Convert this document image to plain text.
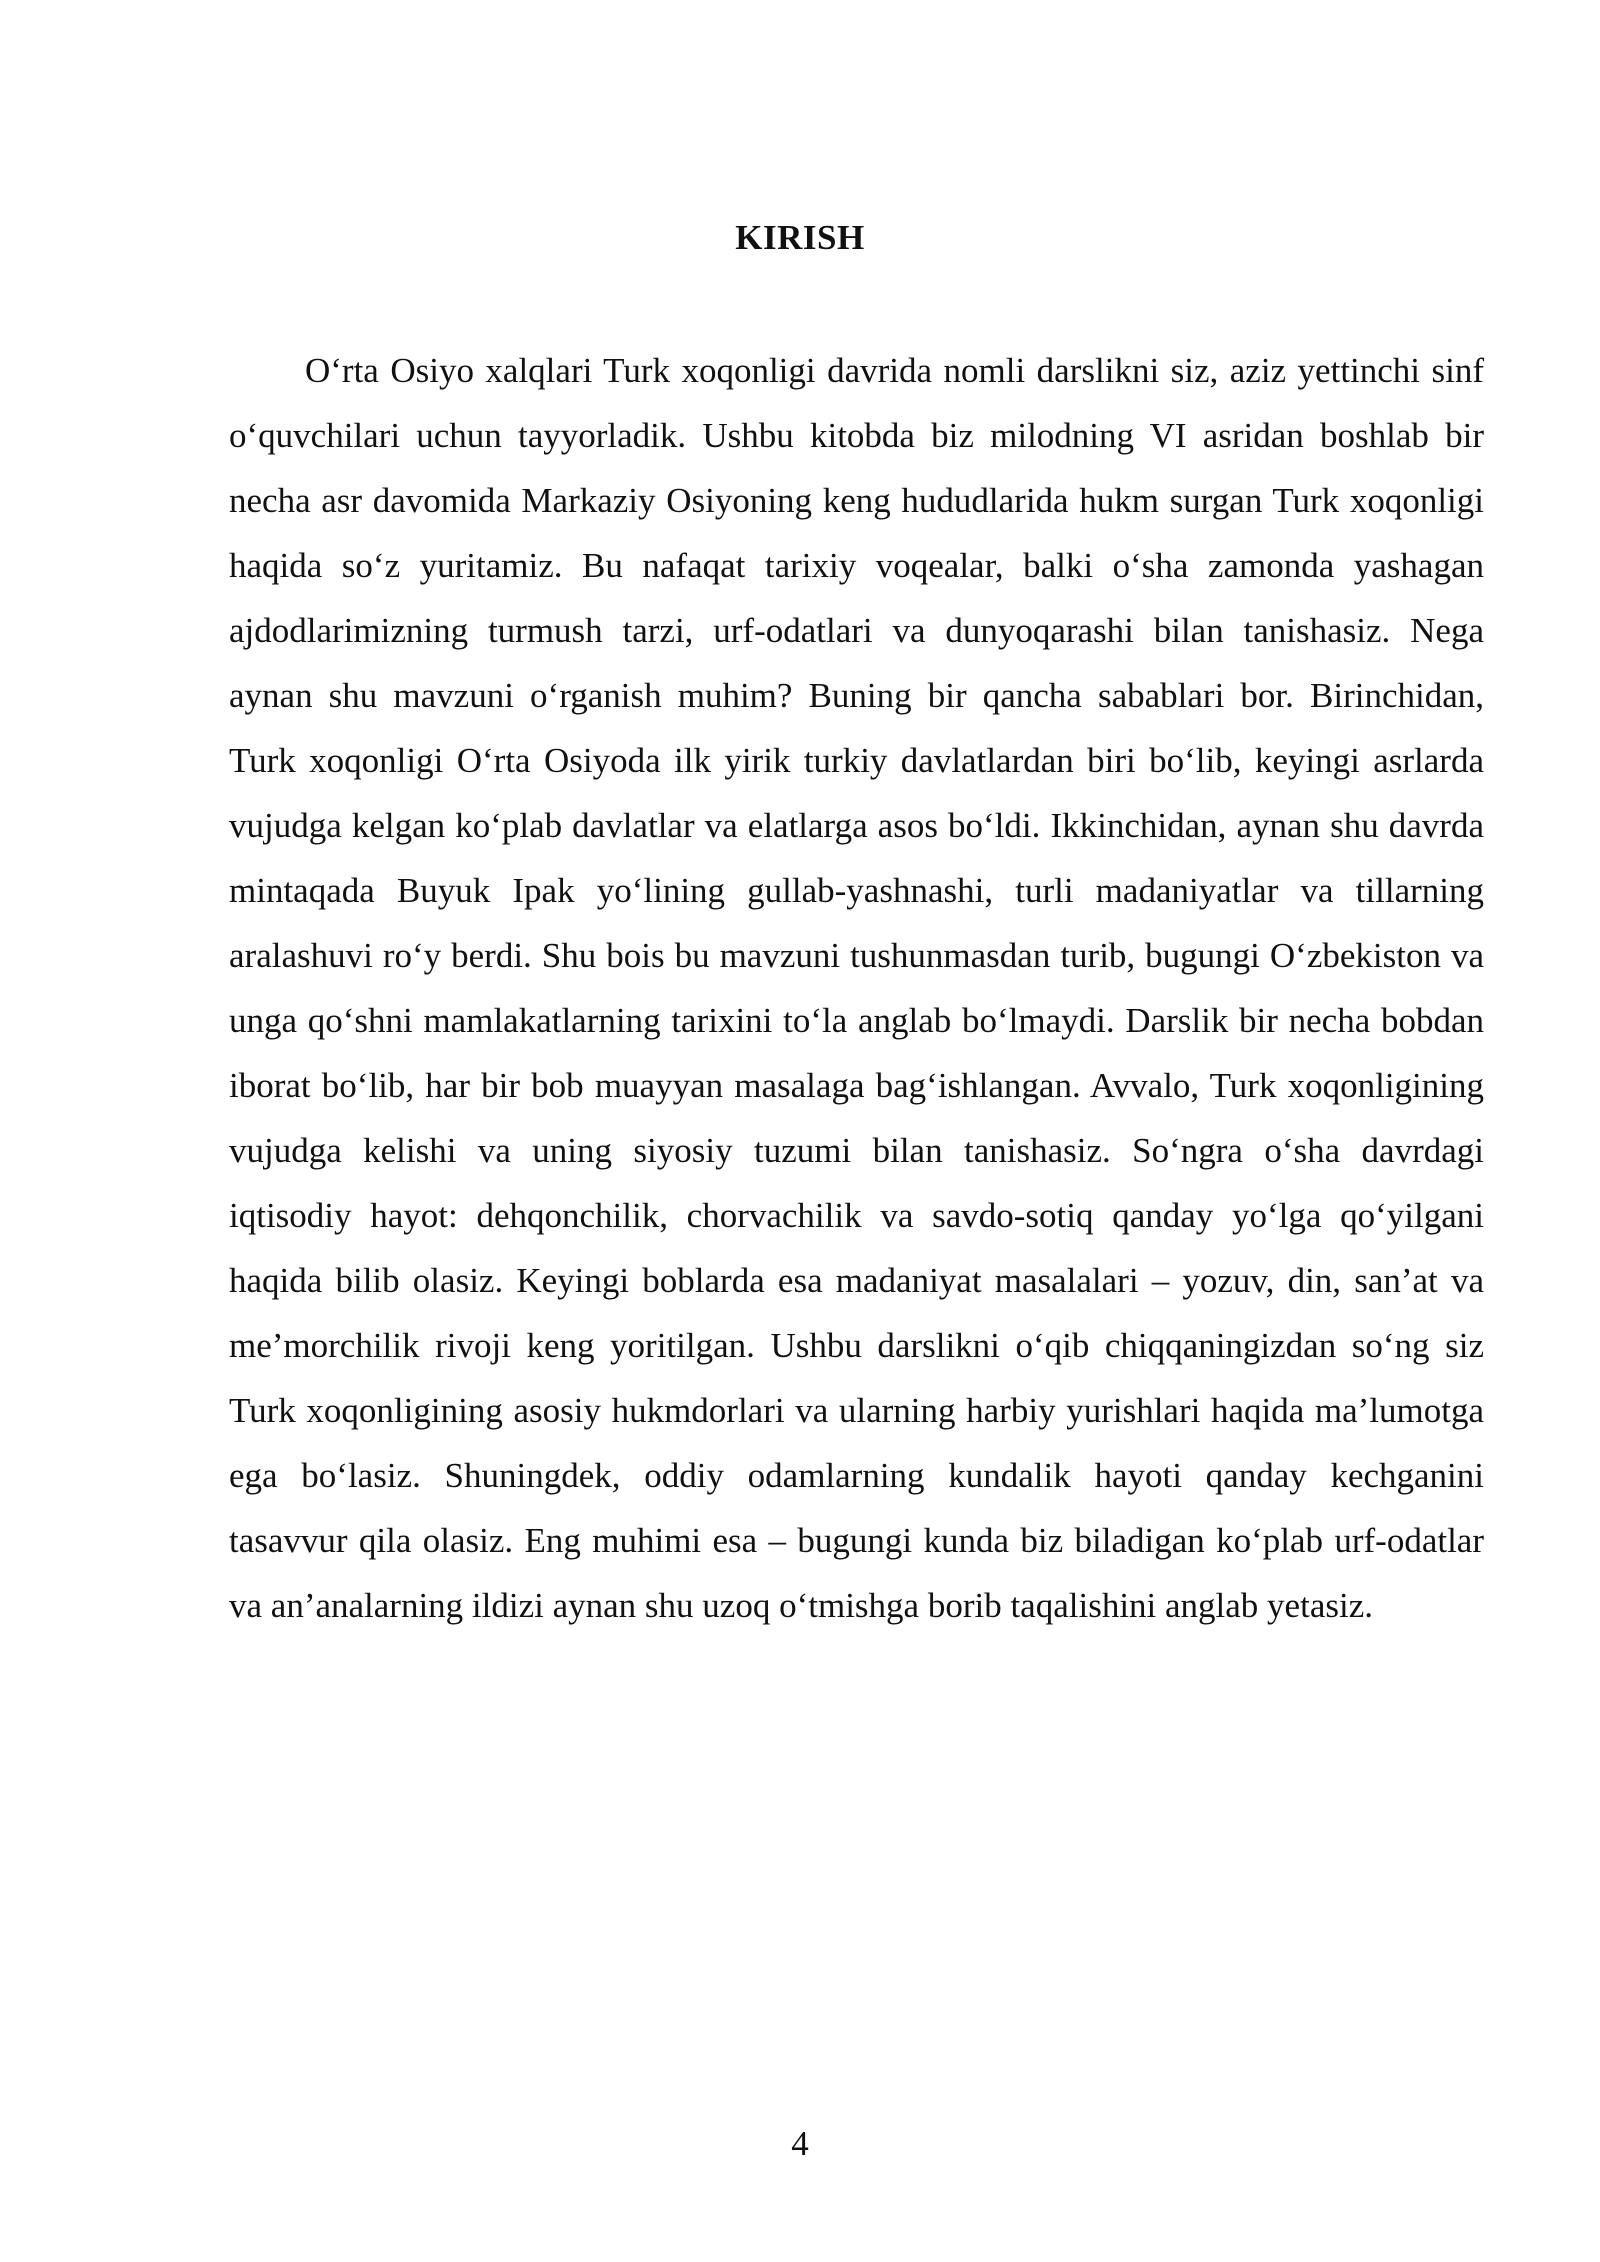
KIRISH

O‘rta Osiyo xalqlari Turk xoqonligi davrida nomli darslikni siz, aziz yettinchi sinf o‘quvchilari uchun tayyorladik. Ushbu kitobda biz milodning VI asridan boshlab bir necha asr davomida Markaziy Osiyoning keng hududlarida hukm surgan Turk xoqonligi haqida so‘z yuritamiz. Bu nafaqat tarixiy voqealar, balki o‘sha zamonda yashagan ajdodlarimizning turmush tarzi, urf-odatlari va dunyoqarashi bilan tanishasiz. Nega aynan shu mavzuni o‘rganish muhim? Buning bir qancha sabablari bor. Birinchidan, Turk xoqonligi O‘rta Osiyoda ilk yirik turkiy davlatlardan biri bo‘lib, keyingi asrlarda vujudga kelgan ko‘plab davlatlar va elatlarga asos bo‘ldi. Ikkinchidan, aynan shu davrda mintaqada Buyuk Ipak yo‘lining gullab-yashnashi, turli madaniyatlar va tillarning aralashuvi ro‘y berdi. Shu bois bu mavzuni tushunmasdan turib, bugungi O‘zbekiston va unga qo‘shni mamlakatlarning tarixini to‘la anglab bo‘lmaydi. Darslik bir necha bobdan iborat bo‘lib, har bir bob muayyan masalaga bag‘ishlangan. Avvalo, Turk xoqonligining vujudga kelishi va uning siyosiy tuzumi bilan tanishasiz. So‘ngra o‘sha davrdagi iqtisodiy hayot: dehqonchilik, chorvachilik va savdo-sotiq qanday yo‘lga qo‘yilgani haqida bilib olasiz. Keyingi boblarda esa madaniyat masalalari – yozuv, din, san’at va me’morchilik rivoji keng yoritilgan. Ushbu darslikni o‘qib chiqqaningizdan so‘ng siz Turk xoqonligining asosiy hukmdorlari va ularning harbiy yurishlari haqida ma’lumotga ega bo‘lasiz. Shuningdek, oddiy odamlarning kundalik hayoti qanday kechganini tasavvur qila olasiz. Eng muhimi esa – bugungi kunda biz biladigan ko‘plab urf-odatlar va an’analarning ildizi aynan shu uzoq o‘tmishga borib taqalishini anglab yetasiz.

4
